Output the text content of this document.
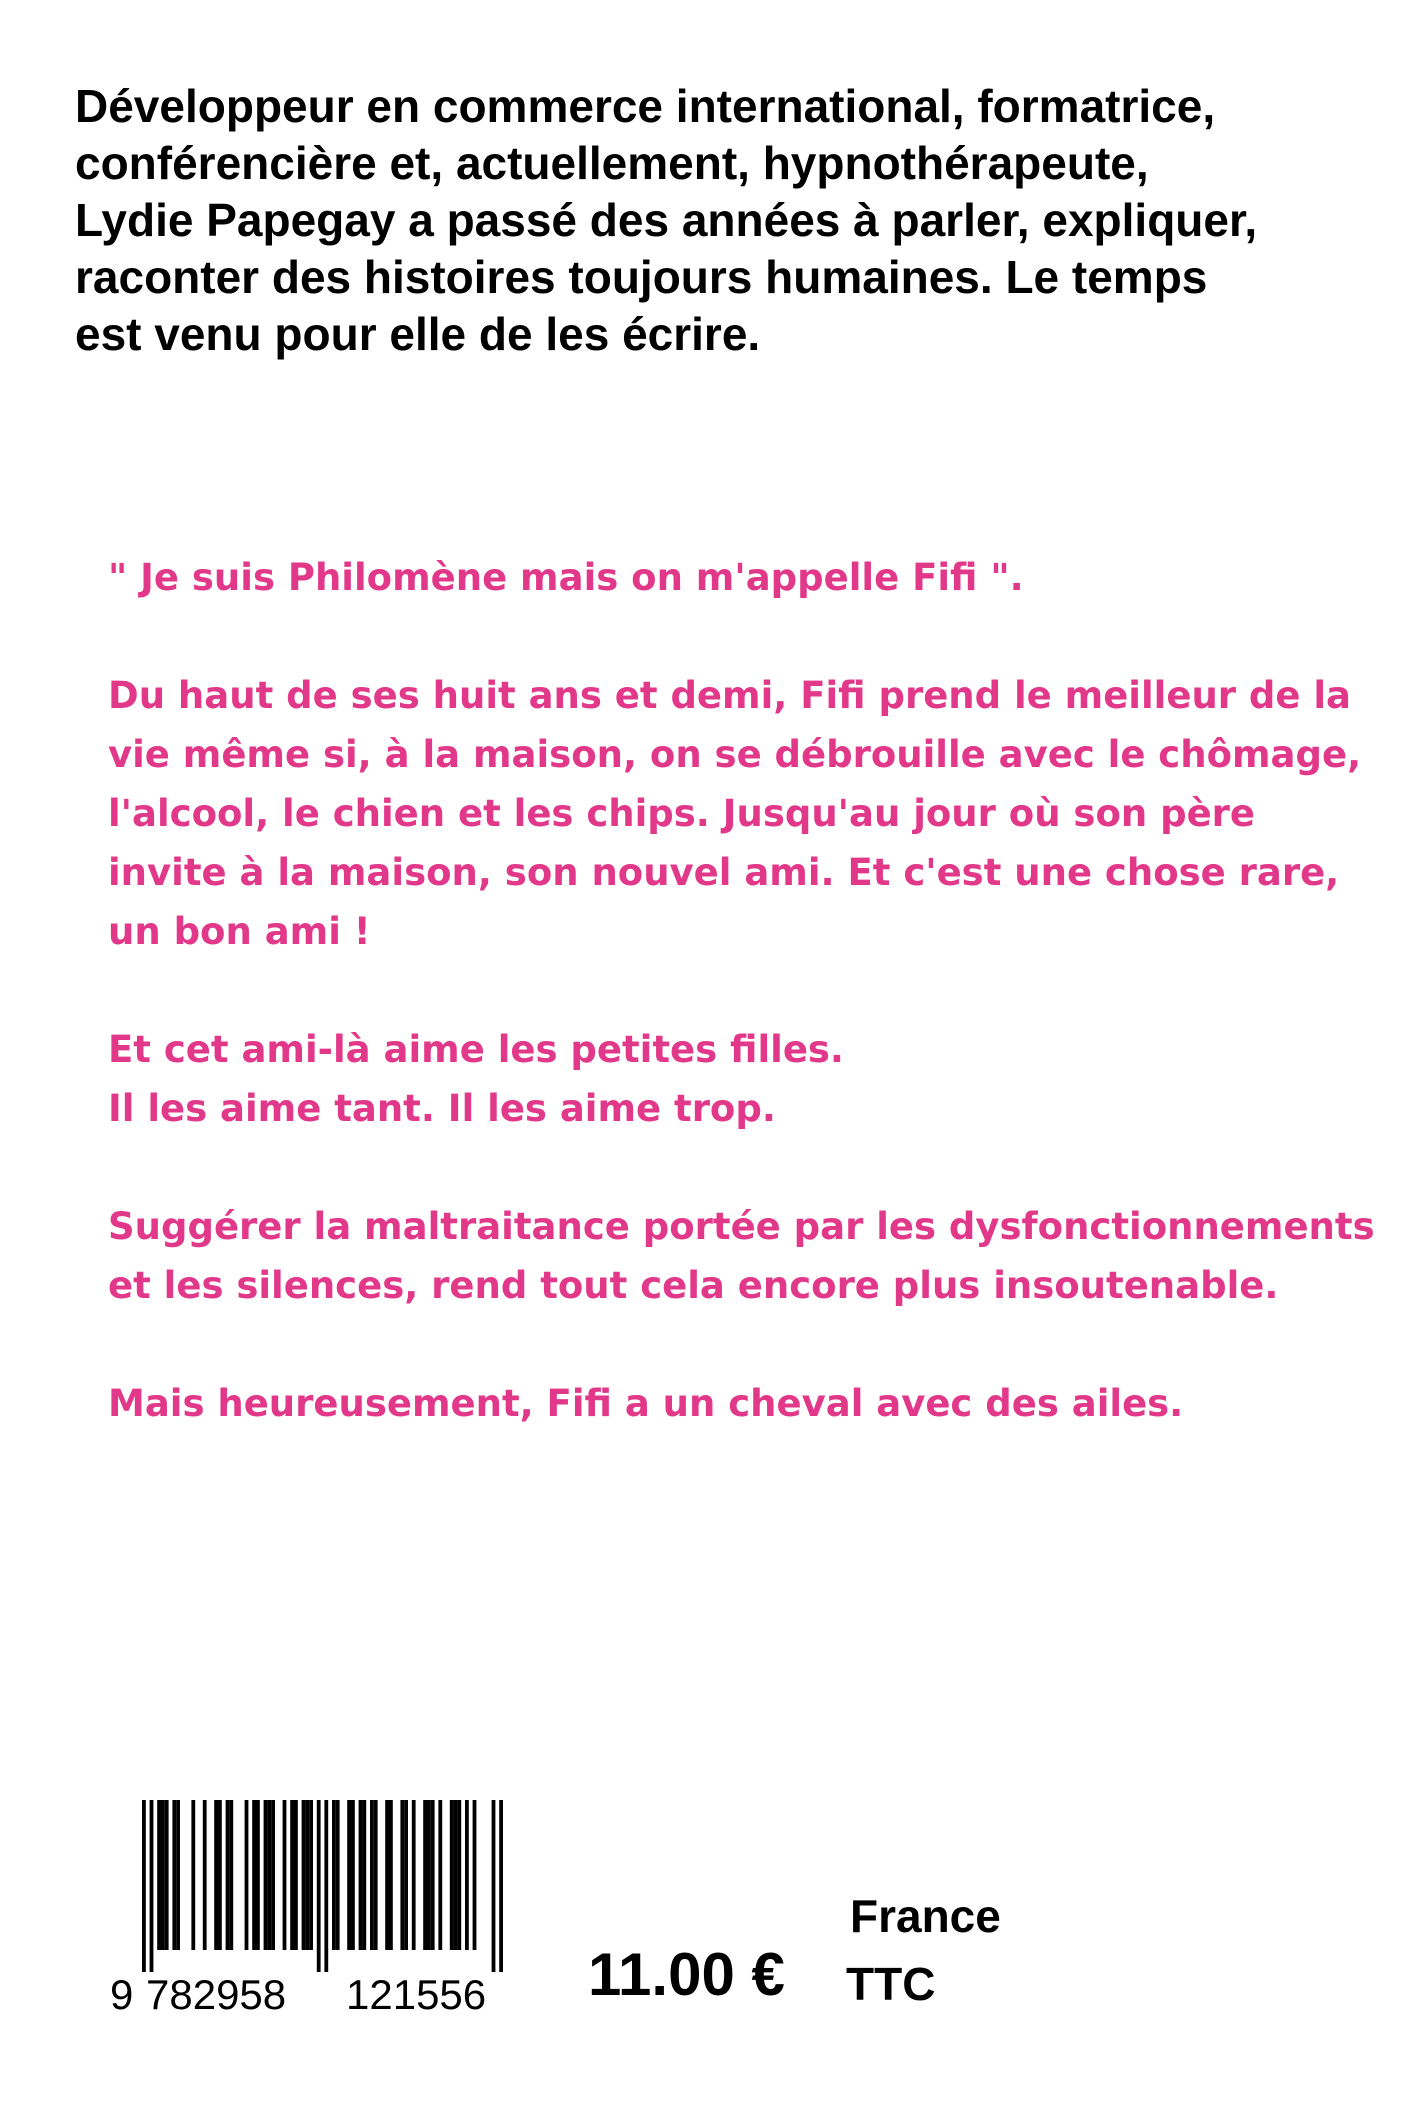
Développeur en commerce international, formatrice,
conférencière et, actuellement, hypnothérapeute,
Lydie Papegay a passé des années à parler, expliquer,
raconter des histoires toujours humaines. Le temps
est venu pour elle de les écrire.
" Je suis Philomène mais on m'appelle Fifi ".
Du haut de ses huit ans et demi, Fifi prend le meilleur de la
vie même si, à la maison, on se débrouille avec le chômage,
l'alcool, le chien et les chips. Jusqu'au jour où son père
invite à la maison, son nouvel ami. Et c'est une chose rare,
un bon ami !
Et cet ami-là aime les petites filles.
Il les aime tant. Il les aime trop.
Suggérer la maltraitance portée par les dysfonctionnements
et les silences, rend tout cela encore plus insoutenable.
Mais heureusement, Fifi a un cheval avec des ailes.
9 782958 121556 11.00 €
France
TTC
